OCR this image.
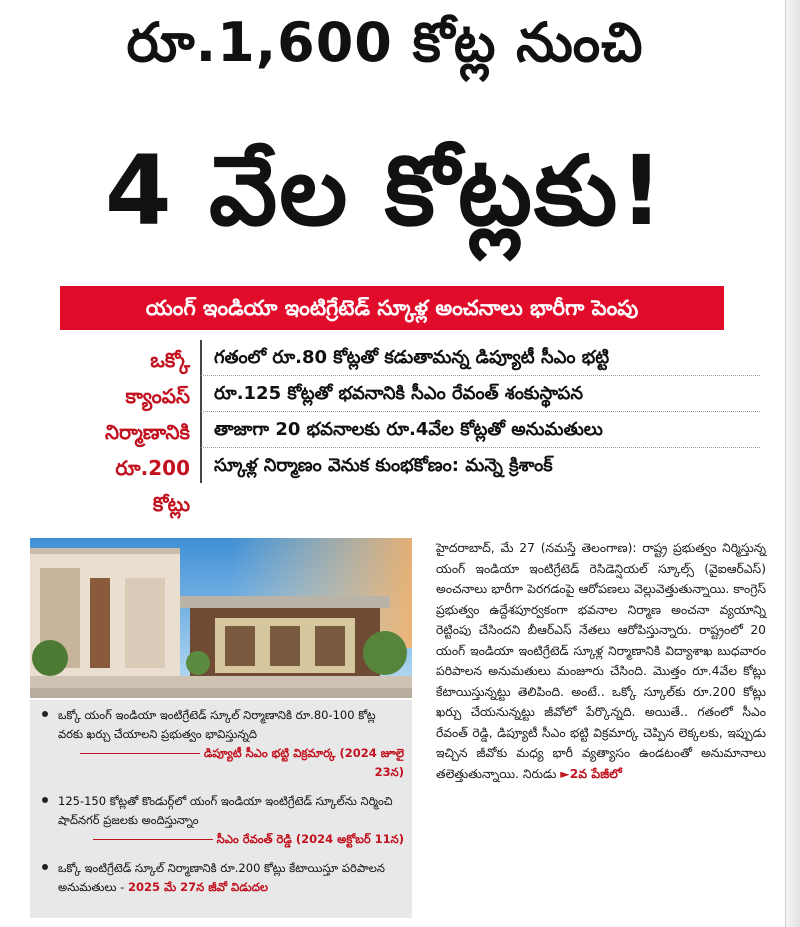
రూ.1,600 కోట్ల నుంచి
4 వేల కోట్లకు!
యంగ్ ఇండియా ఇంటిగ్రేటెడ్ స్కూళ్ల అంచనాలు భారీగా పెంపు
ఒక్కో
క్యాంపస్
నిర్మాణానికి
రూ.200
కోట్లు
గతంలో రూ.80 కోట్లతో కడుతామన్న డిప్యూటీ సీఎం భట్టి
రూ.125 కోట్లతో భవనానికి సీఎం రేవంత్ శంకుస్థాపన
తాజాగా 20 భవనాలకు రూ.4వేల కోట్లతో అనుమతులు
స్కూళ్ల నిర్మాణం వెనుక కుంభకోణం: మన్నె క్రిశాంక్
ఒక్కో యంగ్ ఇండియా ఇంటిగ్రేటెడ్ స్కూల్ నిర్మాణానికి రూ.80-100 కోట్ల వరకు ఖర్చు చేయాలని ప్రభుత్వం భావిస్తున్నది
డిప్యూటీ సీఎం భట్టి విక్రమార్క (2024 జూలై 23న)
125-150 కోట్లతో కొండుర్గ్‌లో యంగ్ ఇండియా ఇంటిగ్రేటెడ్ స్కూల్‌ను నిర్మించి షాద్‌నగర్ ప్రజలకు అందిస్తున్నాం
సీఎం రేవంత్ రెడ్డి (2024 అక్టోబర్ 11న)
ఒక్కో ఇంటిగ్రేటెడ్ స్కూల్ నిర్మాణానికి రూ.200 కోట్లు కేటాయిస్తూ పరిపాలన అనుమతులు - 2025 మే 27న జీవో విడుదల

హైదరాబాద్, మే 27 (నమస్తే తెలంగాణ): రాష్ట్ర ప్రభుత్వం నిర్మిస్తున్న యంగ్ ఇండియా ఇంటిగ్రేటెడ్ రెసిడెన్షియల్ స్కూల్స్ (వైఐఆర్ఎస్) అంచనాలు భారీగా పెరగడంపై ఆరోపణలు వెల్లువెత్తుతున్నాయి. కాంగ్రెస్ ప్రభుత్వం ఉద్దేశపూర్వకంగా భవనాల నిర్మాణ అంచనా వ్యయాన్ని రెట్టింపు చేసిందని బీఆర్ఎస్ నేతలు ఆరోపిస్తున్నారు. రాష్ట్రంలో 20 యంగ్ ఇండియా ఇంటిగ్రేటెడ్ స్కూళ్ల నిర్మాణానికి విద్యాశాఖ బుధవారం పరిపాలన అనుమతులు మంజూరు చేసింది. మొత్తం రూ.4వేల కోట్లు కేటాయిస్తున్నట్టు తెలిపింది. అంటే.. ఒక్కో స్కూల్‌కు రూ.200 కోట్లు ఖర్చు చేయనున్నట్టు జీవోలో పేర్కొన్నది. అయితే.. గతంలో సీఎం రేవంత్ రెడ్డి, డిప్యూటీ సీఎం భట్టి విక్రమార్క చెప్పిన లెక్కలకు, ఇప్పుడు ఇచ్చిన జీవోకు మధ్య భారీ వ్యత్యాసం ఉండటంతో అనుమానాలు తలెత్తుతున్నాయి. నిరుడు ►2వ పేజీలో
